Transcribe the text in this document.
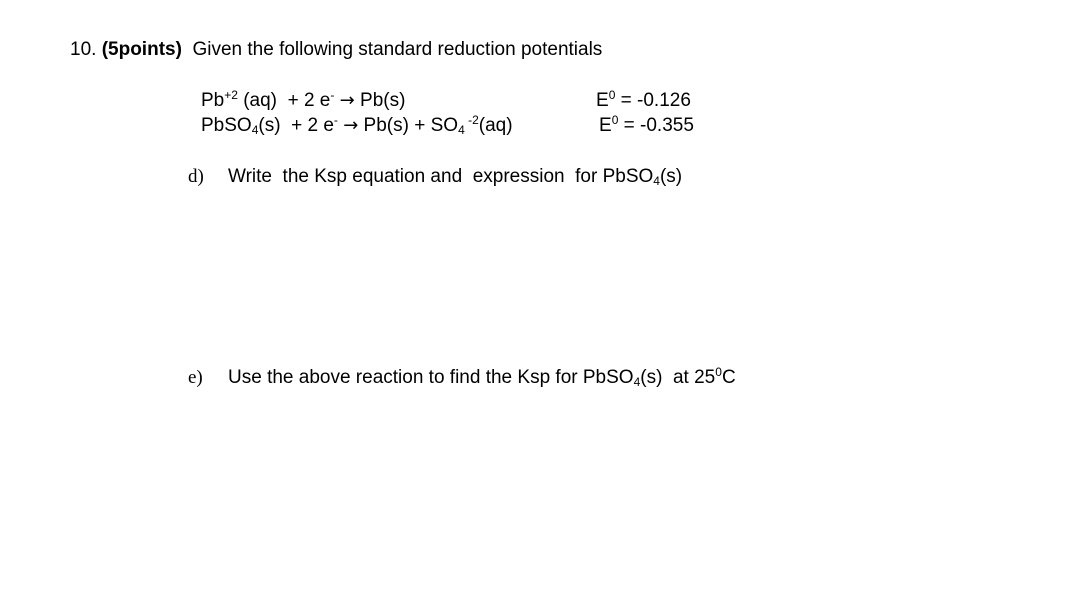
10. (5points) Given the following standard reduction potentials
$Pb^{+2}$ (aq)  + 2 e- → Pb(s)	$E^0 = -0.126$
PbSO$_4$(s)  + 2 $e^- \to Pb(s) + SO_4$ $^{-2}$(aq)	$E^0 = -0.355$
d) Write  the Ksp equation and  expression  for PbSO$_4$(s)
e) Use the above reaction to find the Ksp for PbSO$_4$(s)  at $25^0C$
